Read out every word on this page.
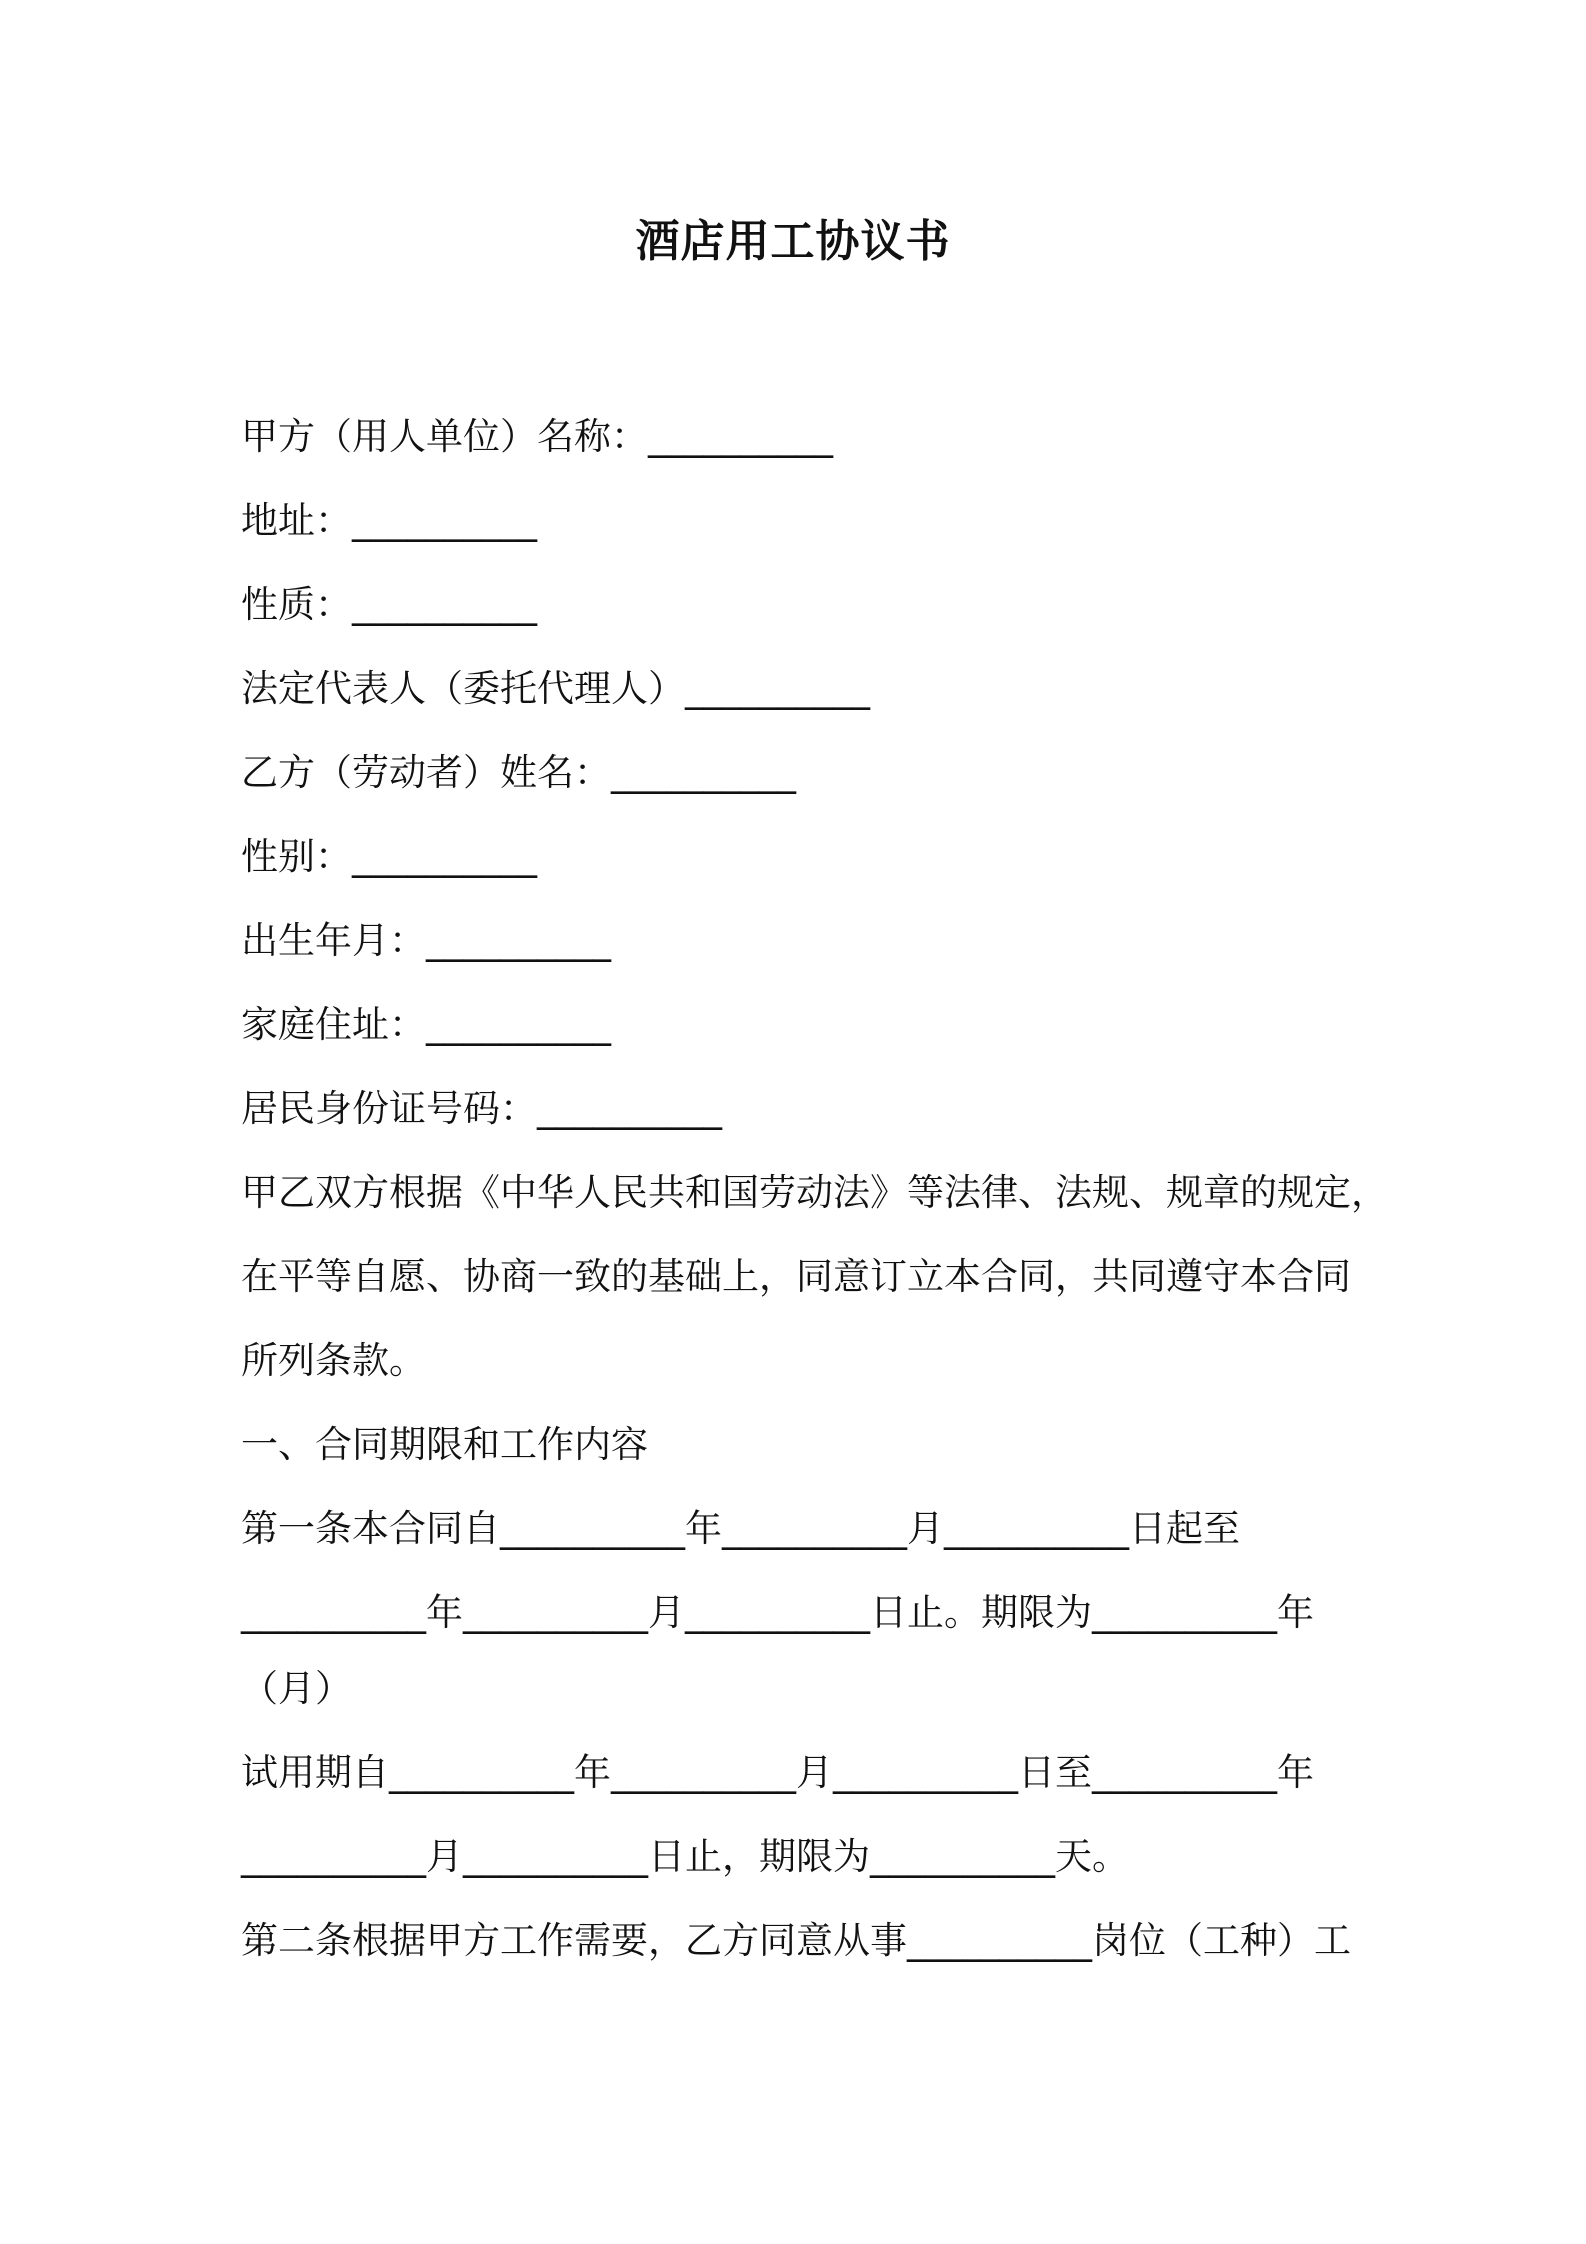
酒店用工协议书
甲方（用人单位）名称：__________
地址：__________
性质：__________
法定代表人（委托代理人）__________
乙方（劳动者）姓名：__________
性别：__________
出生年月：__________
家庭住址：__________
居民身份证号码：__________
甲乙双方根据《中华人民共和国劳动法》等法律、法规、规章的规定，
在平等自愿、协商一致的基础上，同意订立本合同，共同遵守本合同
所列条款。
一、合同期限和工作内容
第一条本合同自__________年__________月__________日起至
__________年__________月__________日止。期限为__________年
（月）
试用期自__________年__________月__________日至__________年
__________月__________日止，期限为__________天。
第二条根据甲方工作需要，乙方同意从事__________岗位（工种）工
